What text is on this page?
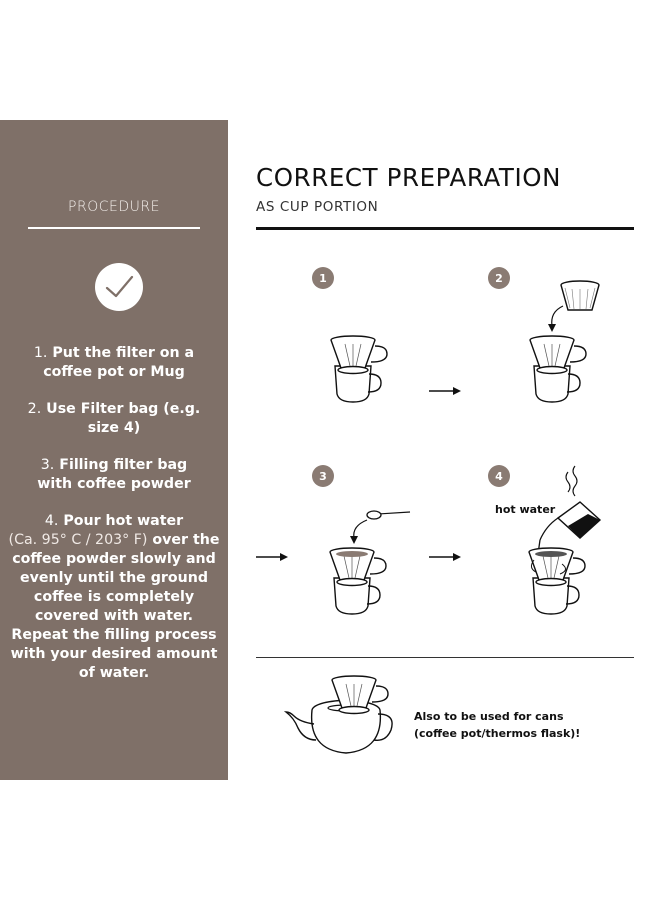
PROCEDURE
1. Put the filter on a coffee pot or Mug
2. Use Filter bag (e.g. size 4)
3. Filling filter bag with coffee powder
4. Pour hot water
(Ca. 95° C / 203° F) over the coffee powder slowly and evenly until the ground coffee is completely covered with water. Repeat the filling process with your desired amount of water.
CORRECT PREPARATION
AS CUP PORTION
1	2
3	4
hot water
Also to be used for cans
(coffee pot/thermos flask)!
